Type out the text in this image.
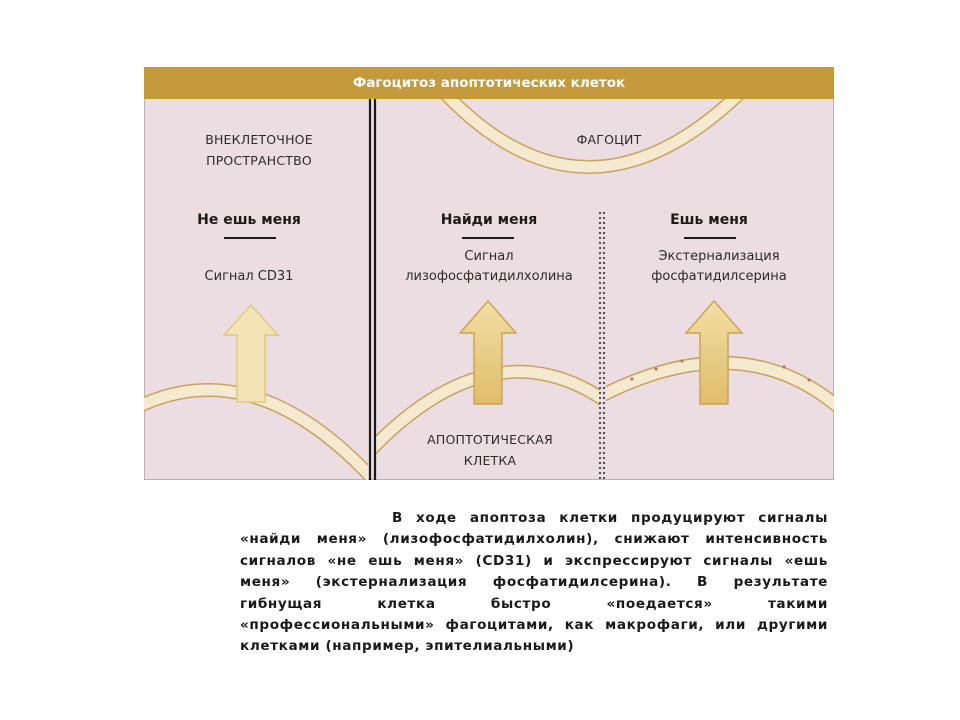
Фагоцитоз апоптотических клеток
ВНЕКЛЕТОЧНОЕ
ПРОСТРАНСТВО
ФАГОЦИТ
Не ешь меня
Сигнал CD31
Найди меня
Сигнал
лизофосфатидилхолина
Ешь меня
Экстернализация
фосфатидилсерина
АПОПТОТИЧЕСКАЯ
КЛЕТКА
В ходе апоптоза клетки продуцируют сигналы «найди меня» (лизофосфатидилхолин), снижают интенсивность сигналов «не ешь меня» (CD31) и экспрессируют сигналы «ешь меня» (экстернализация фосфатидилсерина). В результате гибнущая клетка быстро «поедается» такими «профессиональными» фагоцитами, как макрофаги, или другими клетками (например, эпителиальными)
